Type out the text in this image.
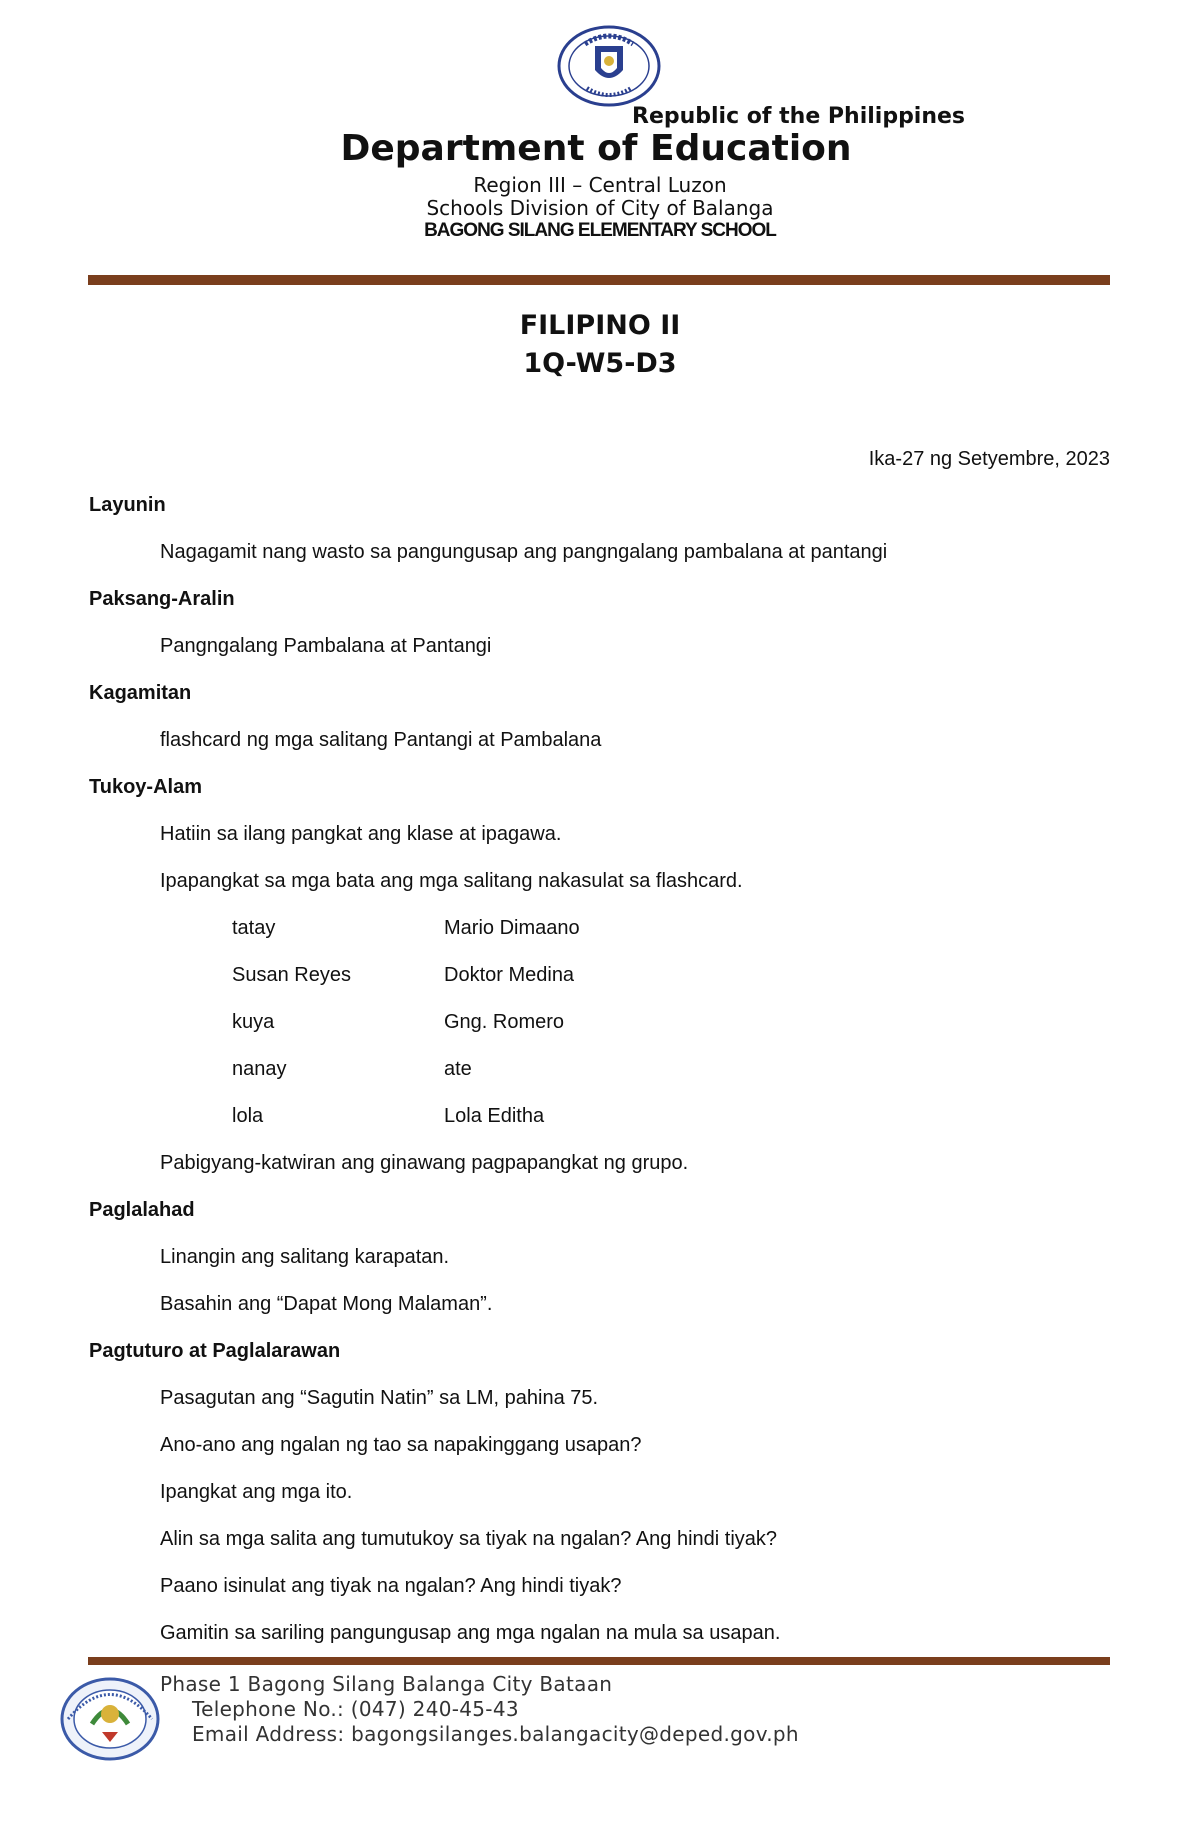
Republic of the Philippines
Department of Education
Region III – Central Luzon
Schools Division of City of Balanga
BAGONG SILANG ELEMENTARY SCHOOL
FILIPINO II
1Q-W5-D3
Ika-27 ng Setyembre, 2023
Layunin
Nagagamit nang wasto sa pangungusap ang pangngalang pambalana at pantangi
Paksang-Aralin
Pangngalang Pambalana at Pantangi
Kagamitan
flashcard ng mga salitang Pantangi at Pambalana
Tukoy-Alam
Hatiin sa ilang pangkat ang klase at ipagawa.
Ipapangkat sa mga bata ang mga salitang nakasulat sa flashcard.
tatay	Mario Dimaano
Susan Reyes	Doktor Medina
kuya	Gng. Romero
nanay	ate
lola	Lola Editha
Pabigyang-katwiran ang ginawang pagpapangkat ng grupo.
Paglalahad
Linangin ang salitang karapatan.
Basahin ang “Dapat Mong Malaman”.
Pagtuturo at Paglalarawan
Pasagutan ang “Sagutin Natin” sa LM, pahina 75.
Ano-ano ang ngalan ng tao sa napakinggang usapan?
Ipangkat ang mga ito.
Alin sa mga salita ang tumutukoy sa tiyak na ngalan? Ang hindi tiyak?
Paano isinulat ang tiyak na ngalan? Ang hindi tiyak?
Gamitin sa sariling pangungusap ang mga ngalan na mula sa usapan.
Phase 1 Bagong Silang Balanga City Bataan
Telephone No.: (047) 240-45-43
Email Address: bagongsilanges.balangacity@deped.gov.ph
